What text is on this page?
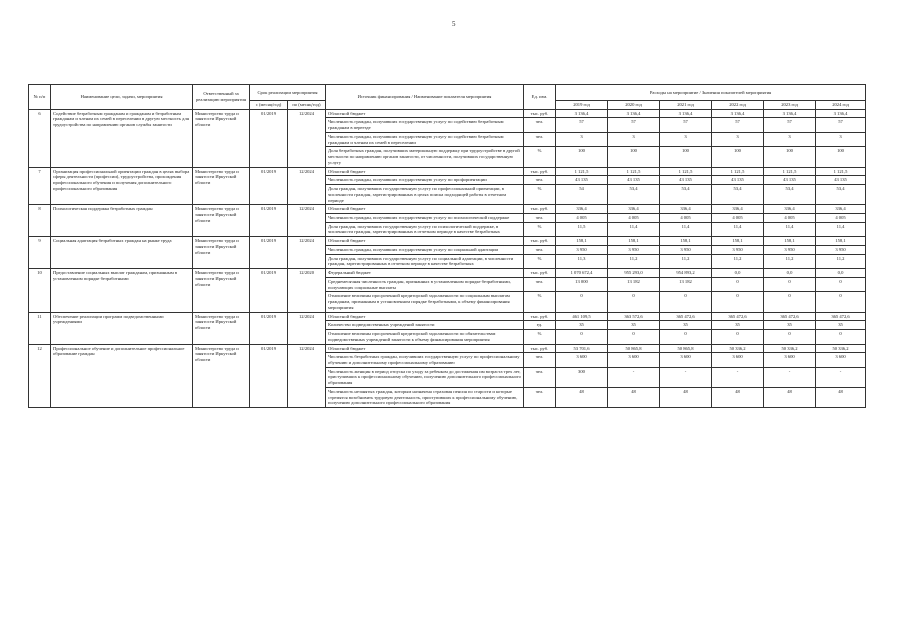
5
№ п/п	Наименование цели, задачи, мероприятия	Ответственный за реализацию мероприятия	Срок реализации мероприятия		Источник финансирования / Наименование показателя мероприятия	Ед. изм.	Расходы на мероприятие / Значения показателей мероприятия					
			с (месяц/год)	по (месяц/год)			2019 год	2020 год	2021 год	2022 год	2023 год	2024 год
6	Содействие безработным гражданам и гражданам и безработным гражданам и членам их семей в переселении в другую местность для трудоустройства по направлению органов службы занятости	Министерство труда и занятости Иркутской области	01/2019	12/2024	Областной бюджет	тыс. руб.	3 136,4	3 136,4	3 136,4	3 136,4	3 136,4	3 136,4
					Численность граждан, получивших государственную услугу по содействию безработным гражданам в переезде	чел.	57	57	57	57	57	57
					Численность граждан, получивших государственную услугу по содействию безработным гражданам и членам их семей в переселении	чел.	3	3	3	3	3	3
					Доля безработных граждан, получивших материальную поддержку при трудоустройстве в другой местности по направлению органов занятости, от численности, получивших государственную услугу	%	100	100	100	100	100	100
7	Организация профессиональной ориентации граждан в целях выбора сферы деятельности (профессии), трудоустройства, прохождения профессионального обучения и получения дополнительного профессионального образования	Министерство труда и занятости Иркутской области	01/2019	12/2024	Областной бюджет	тыс. руб.	1 121,5	1 121,5	1 121,5	1 121,5	1 121,5	1 121,5
					Численность граждан, получивших государственную услугу по профориентации	чел.	43 135	43 135	43 135	43 135	43 135	43 135
					Доля граждан, получивших государственную услугу по профессиональной ориентации, в численности граждан, зарегистрированных в целях поиска подходящей работы в отчетном периоде	%	54	53,4	53,4	53,4	53,4	53,4
8	Психологическая поддержка безработных граждан	Министерство труда и занятости Иркутской области	01/2019	12/2024	Областной бюджет	тыс. руб.	336,4	336,4	336,4	336,4	336,4	336,4
					Численность граждан, получивших государственную услугу по психологической поддержке	чел.	4 005	4 005	4 005	4 005	4 005	4 005
					Доля граждан, получивших государственную услугу по психологической поддержке, в численности граждан, зарегистрированных в отчетном периоде в качестве безработных	%	11,5	11,4	11,4	11,4	11,4	11,4
9	Социальная адаптация безработных граждан на рынке труда	Министерство труда и занятости Иркутской области	01/2019	12/2024	Областной бюджет	тыс. руб.	158,1	158,1	158,1	158,1	158,1	158,1
					Численность граждан, получивших государственную услугу по социальной адаптации	чел.	3 950	3 950	3 950	3 950	3 950	3 950
					Доля граждан, получивших государственную услугу по социальной адаптации, в численности граждан, зарегистрированных в отчетном периоде в качестве безработных	%	11,3	11,2	11,2	11,2	11,2	11,2
10	Предоставление социальных выплат гражданам, признанным в установленном порядке безработными	Министерство труда и занятости Иркутской области	01/2019	12/2020	Федеральный бюджет	тыс. руб.	1 070 672,4	955 293,0	954 893,2	0,0	0,0	0,0
					Среднемесячная численность граждан, признанных в установленном порядке безработными, получающих социальные выплаты	чел.	13 000	13 182	13 182	0	0	0
					Отношение величины просроченной кредиторской задолженности по социальным выплатам гражданам, признанным в установленном порядке безработными, к объему финансирования мероприятия	%	0	0	0	0	0	0
11	Обеспечение реализации программ подведомственными учреждениями	Министерство труда и занятости Иркутской области	01/2019	12/2024	Областной бюджет	тыс. руб.	461 109,5	363 572,6	365 472,6	365 472,6	365 472,6	365 472,6
					Количество подведомственных учреждений занятости	ед.	35	35	35	35	35	35
					Отношение величины просроченной кредиторской задолженности по обязательствам подведомственных учреждений занятости к объему финансирования мероприятия	%	0	0	0	0	0	0
12	Профессиональное обучение и дополнительное профессиональное образование граждан	Министерство труда и занятости Иркутской области	01/2019	12/2024	Областной бюджет	тыс. руб.	53 701,6	50 865,8	50 865,8	50 336,2	50 336,2	50 336,2
					Численность безработных граждан, получивших государственную услугу по профессиональному обучению и дополнительному профессиональному образованию	чел.	3 600	3 600	3 600	3 600	3 600	3 600
					Численность женщин в период отпуска по уходу за ребенком до достижения им возраста трех лет, приступивших к профессиональному обучению, получению дополнительного профессионального образования	чел.	300	-	-	-	-	-
					Численность незанятых граждан, которым назначена страховая пенсия по старости и которые стремятся возобновить трудовую деятельность, приступивших к профессиональному обучению, получению дополнительного профессионального образования	чел.	48	48	48	48	48	48
